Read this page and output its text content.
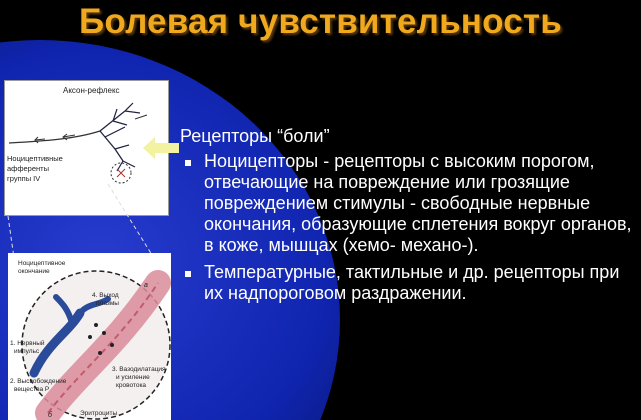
Болевая чувствительность
Аксон-рефлекс
Ноцицептивные
афференты
группы IV
Ноцицептивное
окончание
4. Выход
плазмы
а
1. Нервный
импульс
2. Высвобождение
вещества Р
3. Вазодилатация
и усиление
кровотока
Эритроциты
б
Рецепторы “боли”
Ноцицепторы - рецепторы с высоким порогом, отвечающие на повреждение или грозящие повреждением стимулы - свободные нервные окончания, образующие сплетения вокруг органов, в коже, мышцах (хемо- механо-).
Температурные, тактильные и др. рецепторы при их надпороговом раздражении.
